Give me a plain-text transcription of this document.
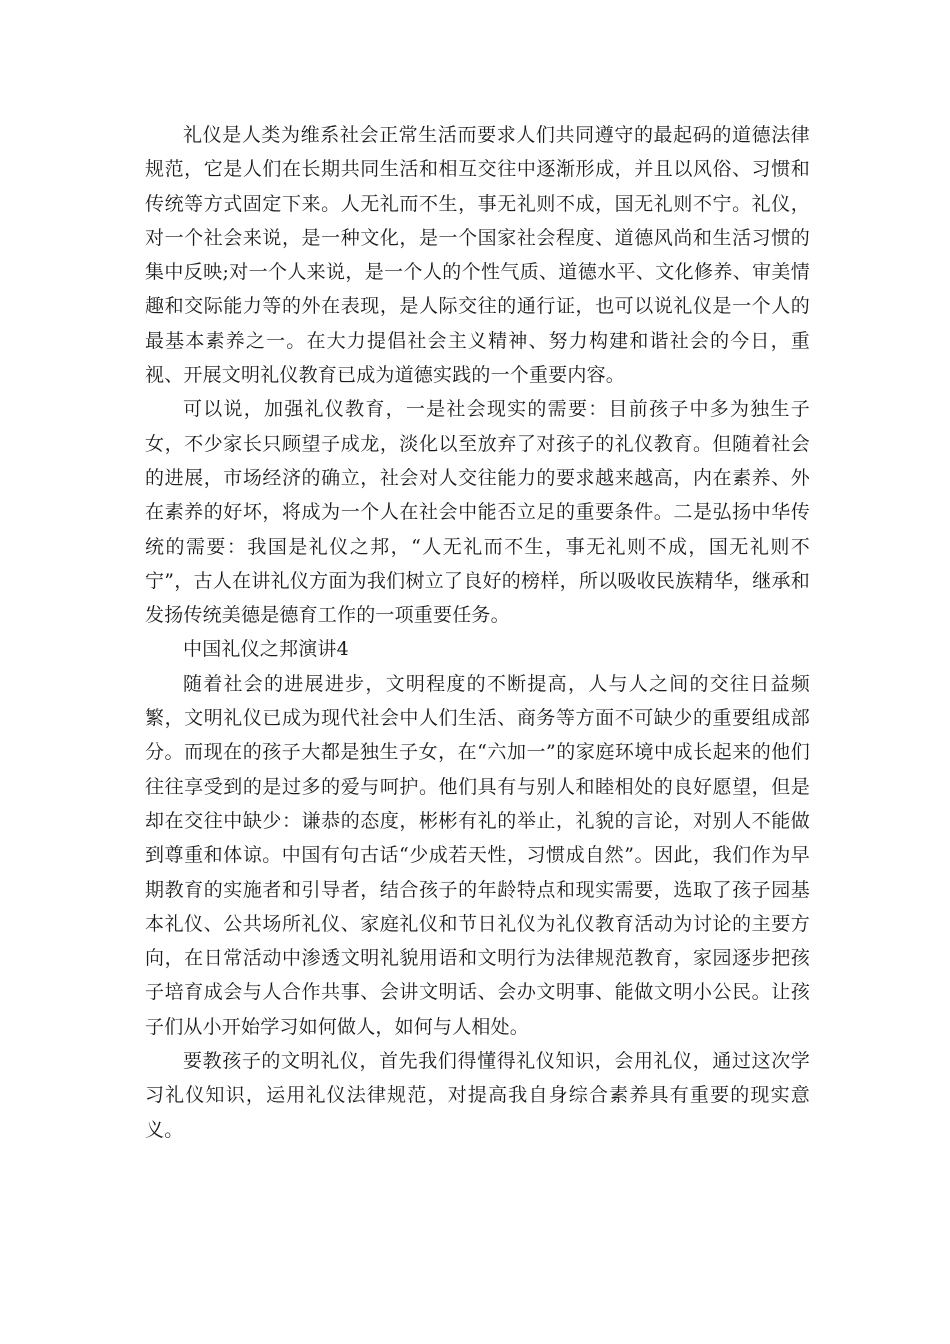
礼仪是人类为维系社会正常生活而要求人们共同遵守的最起码的道德法律规范，它是人们在长期共同生活和相互交往中逐渐形成，并且以风俗、习惯和传统等方式固定下来。人无礼而不生，事无礼则不成，国无礼则不宁。礼仪，对一个社会来说，是一种文化，是一个国家社会程度、道德风尚和生活习惯的集中反映;对一个人来说，是一个人的个性气质、道德水平、文化修养、审美情趣和交际能力等的外在表现，是人际交往的通行证，也可以说礼仪是一个人的最基本素养之一。在大力提倡社会主义精神、努力构建和谐社会的今日，重视、开展文明礼仪教育已成为道德实践的一个重要内容。

可以说，加强礼仪教育，一是社会现实的需要：目前孩子中多为独生子女，不少家长只顾望子成龙，淡化以至放弃了对孩子的礼仪教育。但随着社会的进展，市场经济的确立，社会对人交往能力的要求越来越高，内在素养、外在素养的好坏，将成为一个人在社会中能否立足的重要条件。二是弘扬中华传统的需要：我国是礼仪之邦，“人无礼而不生，事无礼则不成，国无礼则不宁”，古人在讲礼仪方面为我们树立了良好的榜样，所以吸收民族精华，继承和发扬传统美德是德育工作的一项重要任务。

中国礼仪之邦演讲4

随着社会的进展进步，文明程度的不断提高，人与人之间的交往日益频繁，文明礼仪已成为现代社会中人们生活、商务等方面不可缺少的重要组成部分。而现在的孩子大都是独生子女，在“六加一”的家庭环境中成长起来的他们往往享受到的是过多的爱与呵护。他们具有与别人和睦相处的良好愿望，但是却在交往中缺少：谦恭的态度，彬彬有礼的举止，礼貌的言论，对别人不能做到尊重和体谅。中国有句古话“少成若天性，习惯成自然”。因此，我们作为早期教育的实施者和引导者，结合孩子的年龄特点和现实需要，选取了孩子园基本礼仪、公共场所礼仪、家庭礼仪和节日礼仪为礼仪教育活动为讨论的主要方向，在日常活动中渗透文明礼貌用语和文明行为法律规范教育，家园逐步把孩子培育成会与人合作共事、会讲文明话、会办文明事、能做文明小公民。让孩子们从小开始学习如何做人，如何与人相处。

要教孩子的文明礼仪，首先我们得懂得礼仪知识，会用礼仪，通过这次学习礼仪知识，运用礼仪法律规范，对提高我自身综合素养具有重要的现实意义。
